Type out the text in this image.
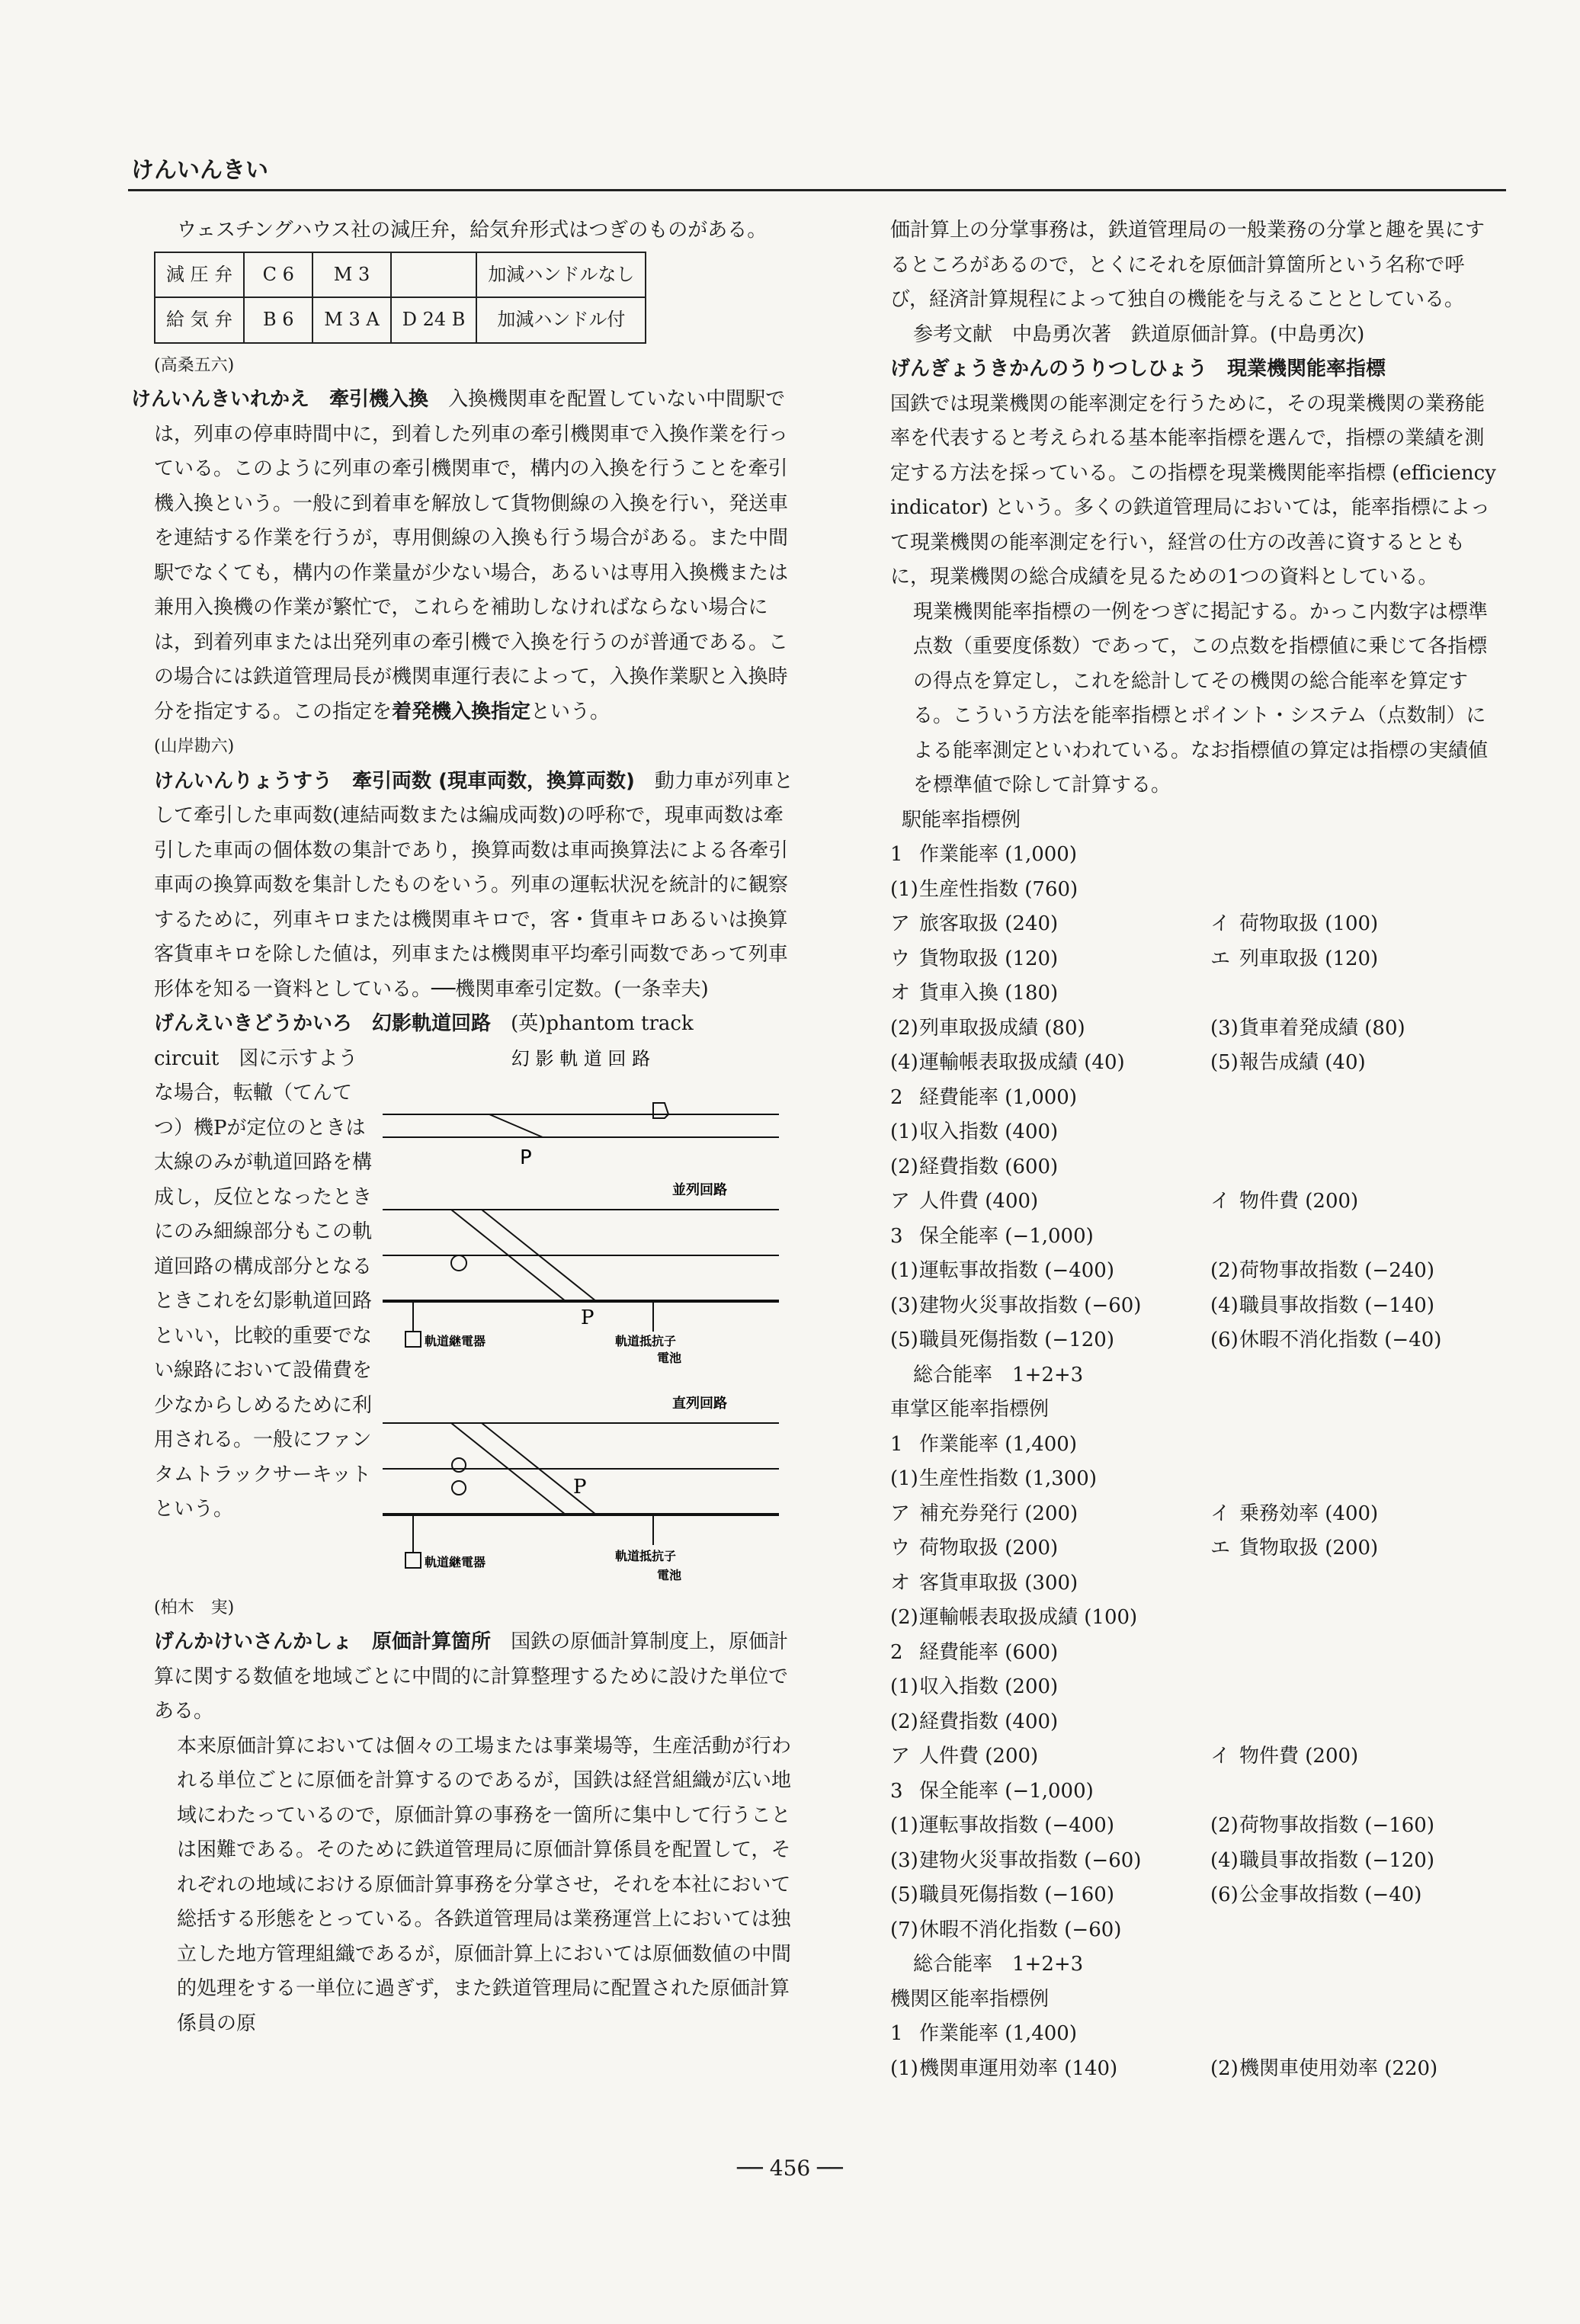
けんいんきい

ウェスチングハウス社の減圧弁，給気弁形式はつぎのものがある。

減 圧 弁	C 6	M 3		加減ハンドルなし
給 気 弁	B 6	M 3 A	D 24 B	加減ハンドル付

(高桑五六)

けんいんきいれかえ　 牽引機入換　 入換機関車を配置していない中間駅では，列車の停車時間中に，到着した列車の牽引機関車で入換作業を行っている。このように列車の牽引機関車で，構内の入換を行うことを牽引機入換という。一般に到着車を解放して貨物側線の入換を行い，発送車を連結する作業を行うが，専用側線の入換も行う場合がある。また中間駅でなくても，構内の作業量が少ない場合，あるいは専用入換機または兼用入換機の作業が繁忙で，これらを補助しなければならない場合には，到着列車または出発列車の牽引機で入換を行うのが普通である。この場合には鉄道管理局長が機関車運行表によって，入換作業駅と入換時分を指定する。この指定を着発機入換指定という。

(山岸勘六)

けんいんりょうすう　 牽引両数 (現車両数，換算両数)　 動力車が列車として牽引した車両数(連結両数または編成両数)の呼称で，現車両数は牽引した車両の個体数の集計であり，換算両数は車両換算法による各牽引車両の換算両数を集計したものをいう。列車の運転状況を統計的に観察するために，列車キロまたは機関車キロで，客・貨車キロあるいは換算客貨車キロを除した値は，列車または機関車平均牽引両数であって列車形体を知る一資料としている。──機関車牽引定数。(一条幸夫)

げんえいきどうかいろ　 幻影軌道回路　 (英)phantom track

circuit　図に示すような場合，転轍（てんてつ）機Pが定位のときは太線のみが軌道回路を構成し，反位となったときにのみ細線部分もこの軌道回路の構成部分となるときこれを幻影軌道回路といい，比較的重要でない線路において設備費を少なからしめるために利用される。一般にファンタムトラックサーキットという。
幻 影 軌 道 回 路
P
並列回路
P
軌道継電器	軌道抵抗子
電池
直列回路
P
軌道継電器	軌道抵抗子
電池

(柏木　実)

げんかけいさんかしょ　 原価計算箇所　 国鉄の原価計算制度上，原価計算に関する数値を地域ごとに中間的に計算整理するために設けた単位である。

本来原価計算においては個々の工場または事業場等，生産活動が行われる単位ごとに原価を計算するのであるが，国鉄は経営組織が広い地域にわたっているので，原価計算の事務を一箇所に集中して行うことは困難である。そのために鉄道管理局に原価計算係員を配置して，それぞれの地域における原価計算事務を分掌させ，それを本社において総括する形態をとっている。各鉄道管理局は業務運営上においては独立した地方管理組織であるが，原価計算上においては原価数値の中間的処理をする一単位に過ぎず，また鉄道管理局に配置された原価計算係員の原

価計算上の分掌事務は，鉄道管理局の一般業務の分掌と趣を異にするところがあるので，とくにそれを原価計算箇所という名称で呼び，経済計算規程によって独自の機能を与えることとしている。

参考文献　中島勇次著　鉄道原価計算。(中島勇次)

げんぎょうきかんのうりつしひょう　 現業機関能率指標

国鉄では現業機関の能率測定を行うために，その現業機関の業務能率を代表すると考えられる基本能率指標を選んで，指標の業績を測定する方法を採っている。この指標を現業機関能率指標 (efficiency indicator) という。多くの鉄道管理局においては，能率指標によって現業機関の能率測定を行い，経営の仕方の改善に資するとともに，現業機関の総合成績を見るための1つの資料としている。

現業機関能率指標の一例をつぎに掲記する。かっこ内数字は標準点数（重要度係数）であって，この点数を指標値に乗じて各指標の得点を算定し，これを総計してその機関の総合能率を算定する。こういう方法を能率指標とポイント・システム（点数制）による能率測定といわれている。なお指標値の算定は指標の実績値を標準値で除して計算する。

駅能率指標例

1 作業能率 (1,000)
(1)生産性指数 (760)
ア 旅客取扱 (240)	イ 荷物取扱 (100)
ウ 貨物取扱 (120)	エ 列車取扱 (120)
オ 貨車入換 (180)
(2)列車取扱成績 (80)	(3)貨車着発成績 (80)
(4)運輸帳表取扱成績 (40)	(5)報告成績 (40)
2 経費能率 (1,000)
(1)収入指数 (400)
(2)経費指数 (600)
ア 人件費 (400)	イ 物件費 (200)
3 保全能率 (−1,000)
(1)運転事故指数 (−400)	(2)荷物事故指数 (−240)
(3)建物火災事故指数 (−60)	(4)職員事故指数 (−140)
(5)職員死傷指数 (−120)	(6)休暇不消化指数 (−40)

総合能率　1+2+3

車掌区能率指標例

1 作業能率 (1,400)
(1)生産性指数 (1,300)
ア 補充券発行 (200)	イ 乗務効率 (400)
ウ 荷物取扱 (200)	エ 貨物取扱 (200)
オ 客貨車取扱 (300)
(2)運輸帳表取扱成績 (100)
2 経費能率 (600)
(1)収入指数 (200)
(2)経費指数 (400)
ア 人件費 (200)	イ 物件費 (200)
3 保全能率 (−1,000)
(1)運転事故指数 (−400)	(2)荷物事故指数 (−160)
(3)建物火災事故指数 (−60)	(4)職員事故指数 (−120)
(5)職員死傷指数 (−160)	(6)公金事故指数 (−40)
(7)休暇不消化指数 (−60)

総合能率　1+2+3

機関区能率指標例

1 作業能率 (1,400)
(1)機関車運用効率 (140)	(2)機関車使用効率 (220)
── 456 ──
